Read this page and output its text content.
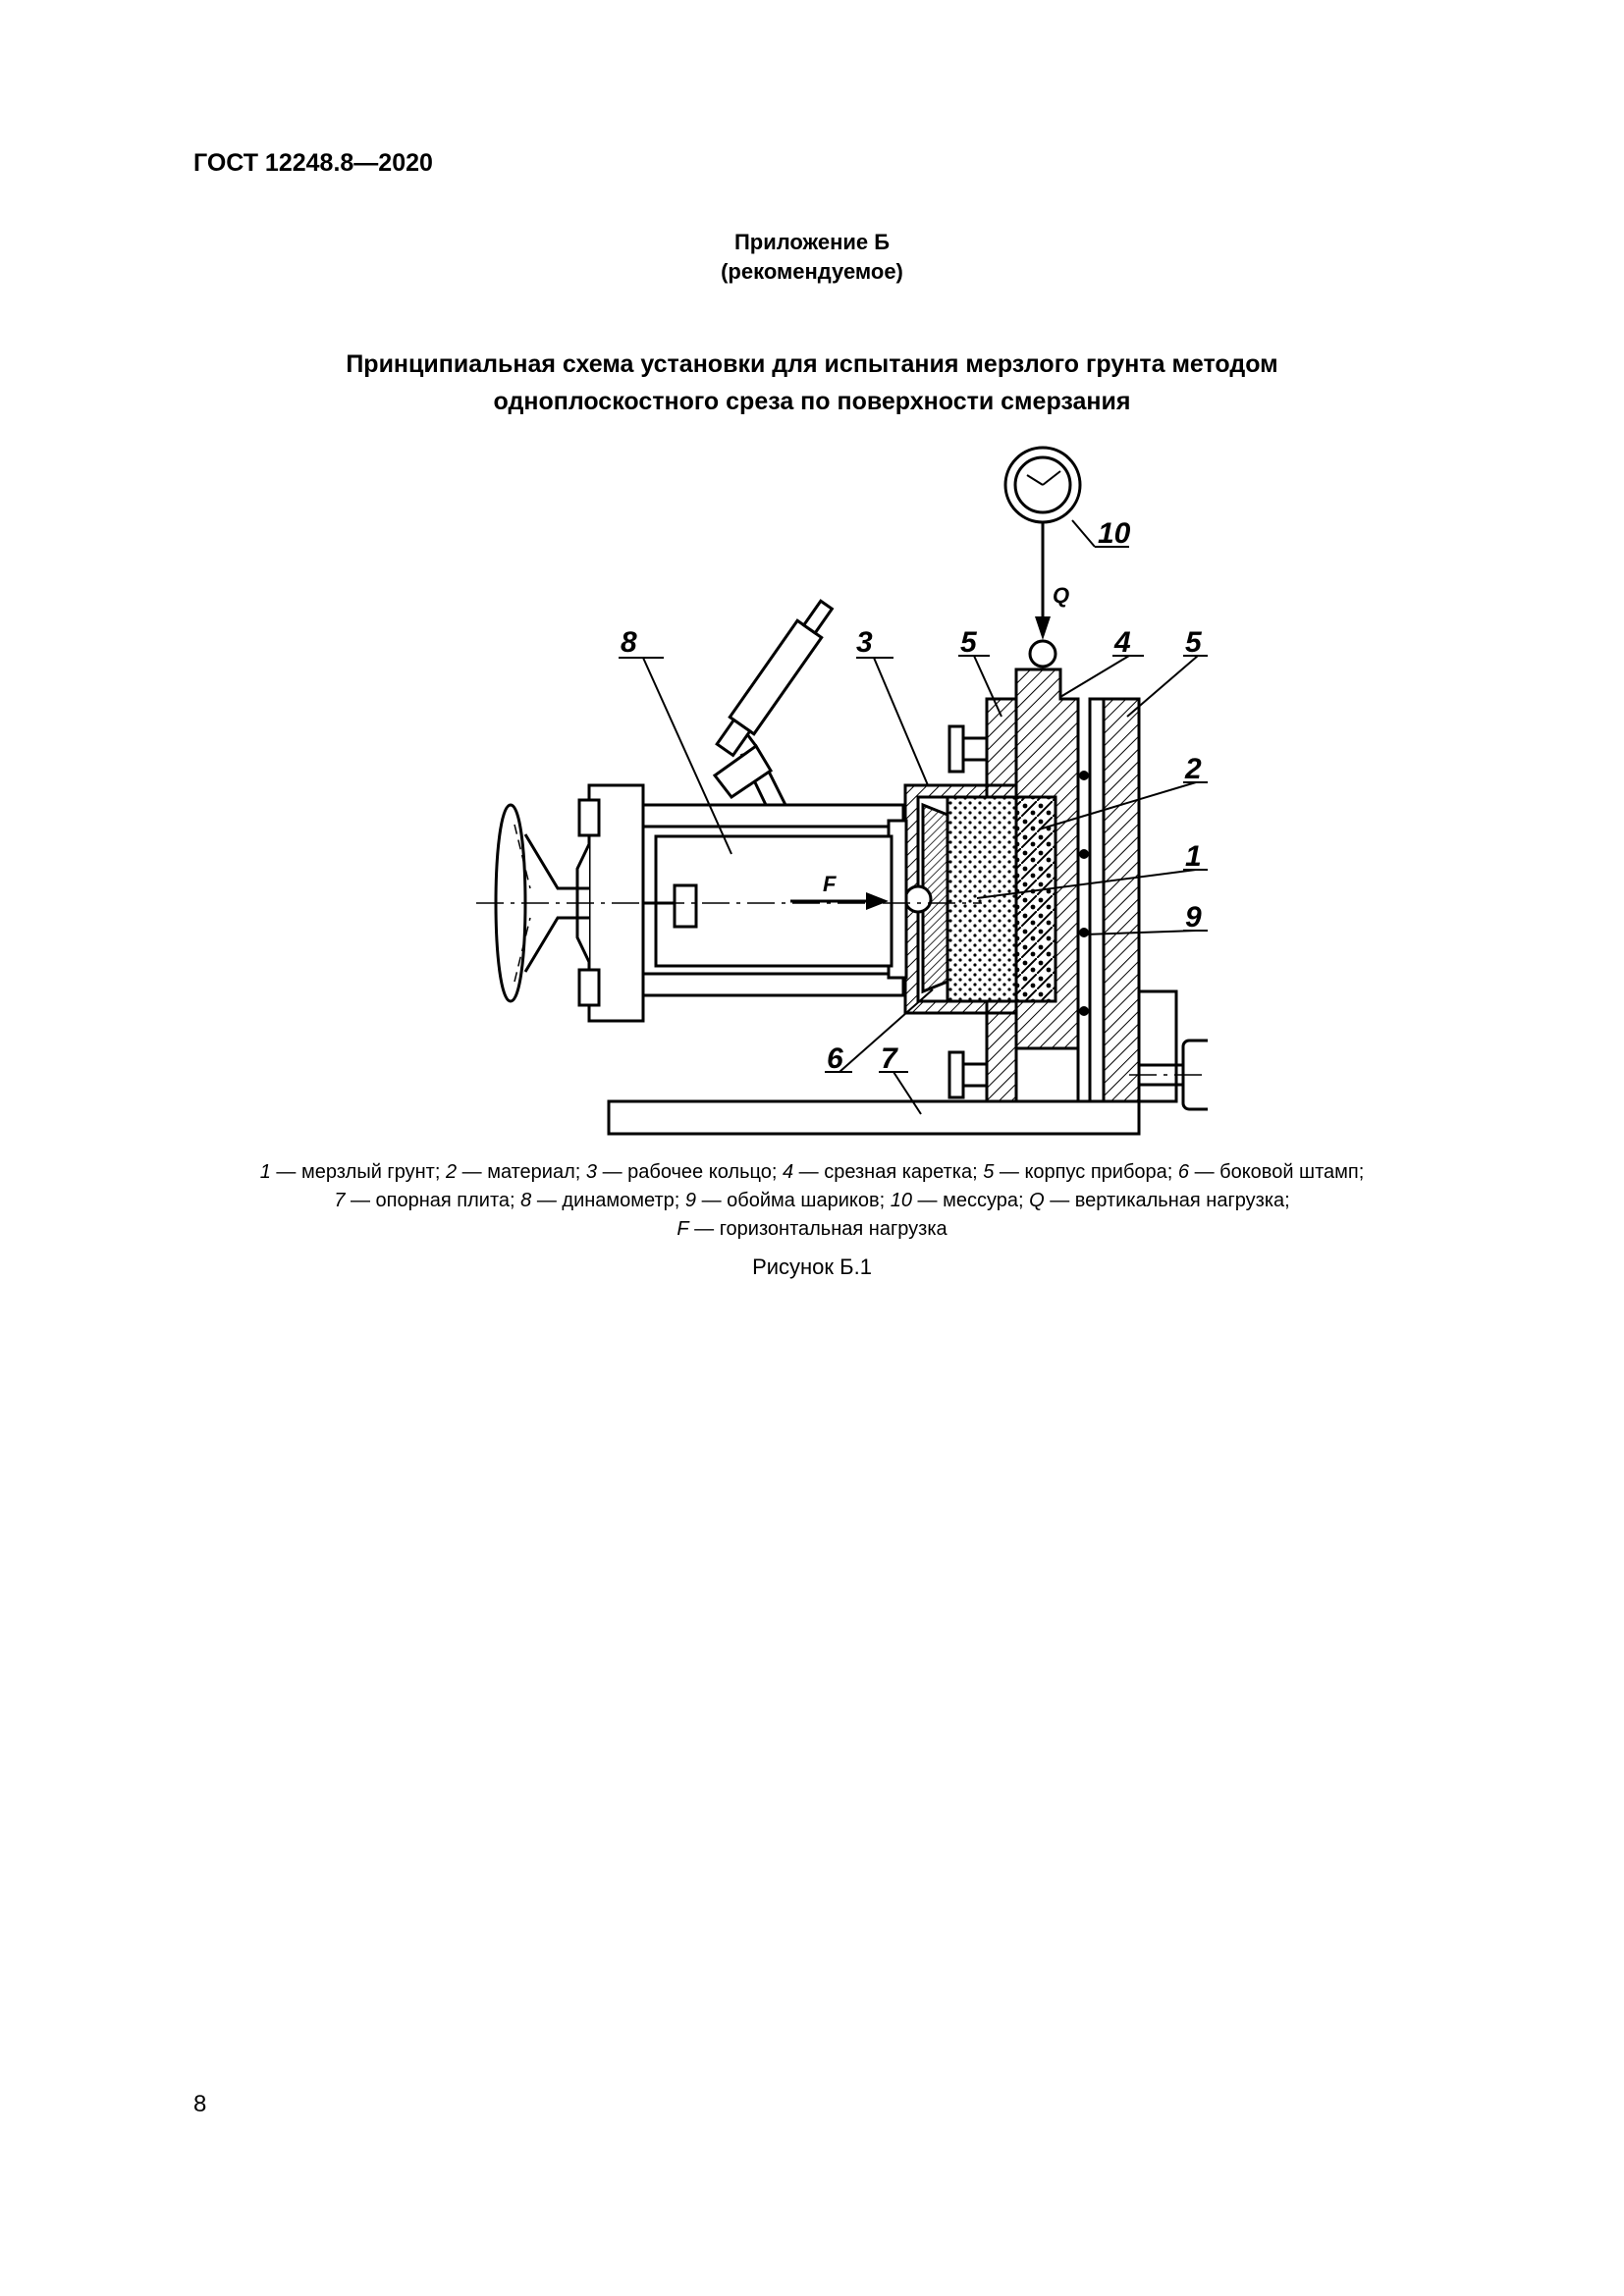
ГОСТ 12248.8—2020
Приложение Б
(рекомендуемое)
Принципиальная схема установки для испытания мерзлого грунта методом
одноплоскостного среза по поверхности смерзания
8	3	5	4 5
2
1
9
6 7
10
Q
F
1 — мерзлый грунт; 2 — материал; 3 — рабочее кольцо; 4 — срезная каретка; 5 — корпус прибора; 6 — боковой штамп;
7 — опорная плита; 8 — динамометр; 9 — обойма шариков; 10 — мессура; Q — вертикальная нагрузка;
F — горизонтальная нагрузка
Рисунок Б.1
8
